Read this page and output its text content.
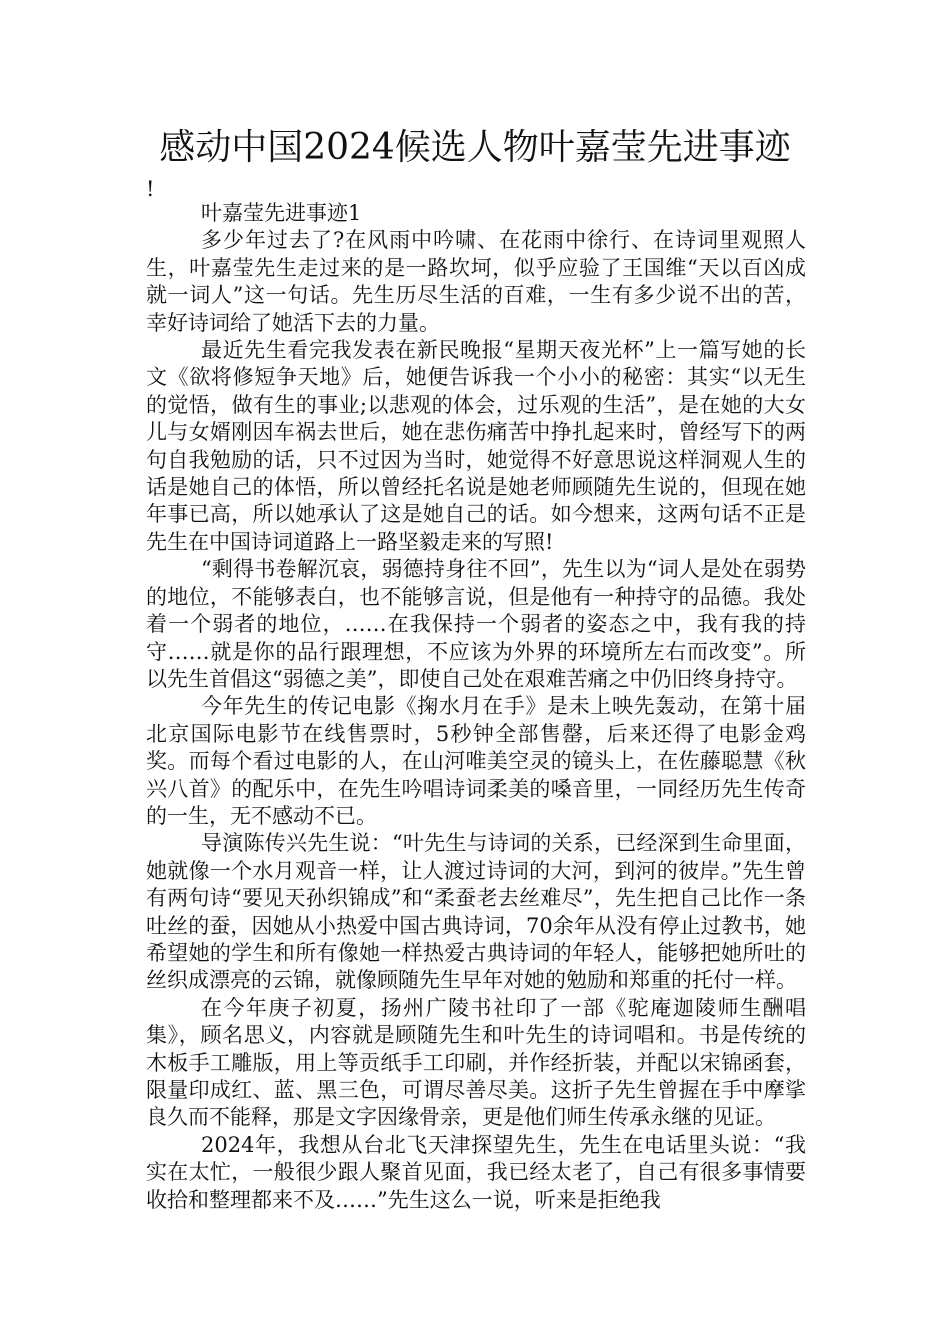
感动中国2024候选人物叶嘉莹先进事迹
!

叶嘉莹先进事迹1

多少年过去了?在风雨中吟啸、在花雨中徐行、在诗词里观照人生，叶嘉莹先生走过来的是一路坎坷，似乎应验了王国维“天以百凶成就一词人”这一句话。先生历尽生活的百难，一生有多少说不出的苦，幸好诗词给了她活下去的力量。

最近先生看完我发表在新民晚报“星期天夜光杯”上一篇写她的长文《欲将修短争天地》后，她便告诉我一个小小的秘密：其实“以无生的觉悟，做有生的事业;以悲观的体会，过乐观的生活”，是在她的大女儿与女婿刚因车祸去世后，她在悲伤痛苦中挣扎起来时，曾经写下的两句自我勉励的话，只不过因为当时，她觉得不好意思说这样洞观人生的话是她自己的体悟，所以曾经托名说是她老师顾随先生说的，但现在她年事已高，所以她承认了这是她自己的话。如今想来，这两句话不正是先生在中国诗词道路上一路坚毅走来的写照!

“剩得书卷解沉哀，弱德持身往不回”，先生以为“词人是处在弱势的地位，不能够表白，也不能够言说，但是他有一种持守的品德。我处着一个弱者的地位，……在我保持一个弱者的姿态之中，我有我的持守……就是你的品行跟理想，不应该为外界的环境所左右而改变”。所以先生首倡这“弱德之美”，即使自己处在艰难苦痛之中仍旧终身持守。

今年先生的传记电影《掬水月在手》是未上映先轰动，在第十届北京国际电影节在线售票时，5秒钟全部售罄，后来还得了电影金鸡奖。而每个看过电影的人，在山河唯美空灵的镜头上，在佐藤聪慧《秋兴八首》的配乐中，在先生吟唱诗词柔美的嗓音里，一同经历先生传奇的一生，无不感动不已。

导演陈传兴先生说：“叶先生与诗词的关系，已经深到生命里面，她就像一个水月观音一样，让人渡过诗词的大河，到河的彼岸。”先生曾有两句诗“要见天孙织锦成”和“柔蚕老去丝难尽”，先生把自己比作一条吐丝的蚕，因她从小热爱中国古典诗词，70余年从没有停止过教书，她希望她的学生和所有像她一样热爱古典诗词的年轻人，能够把她所吐的丝织成漂亮的云锦，就像顾随先生早年对她的勉励和郑重的托付一样。

在今年庚子初夏，扬州广陵书社印了一部《驼庵迦陵师生酬唱集》，顾名思义，内容就是顾随先生和叶先生的诗词唱和。书是传统的木板手工雕版，用上等贡纸手工印刷，并作经折装，并配以宋锦函套，限量印成红、蓝、黑三色，可谓尽善尽美。这折子先生曾握在手中摩挲良久而不能释，那是文字因缘骨亲，更是他们师生传承永继的见证。

2024年，我想从台北飞天津探望先生，先生在电话里头说：“我实在太忙，一般很少跟人聚首见面，我已经太老了，自己有很多事情要收拾和整理都来不及……”先生这么一说，听来是拒绝我
